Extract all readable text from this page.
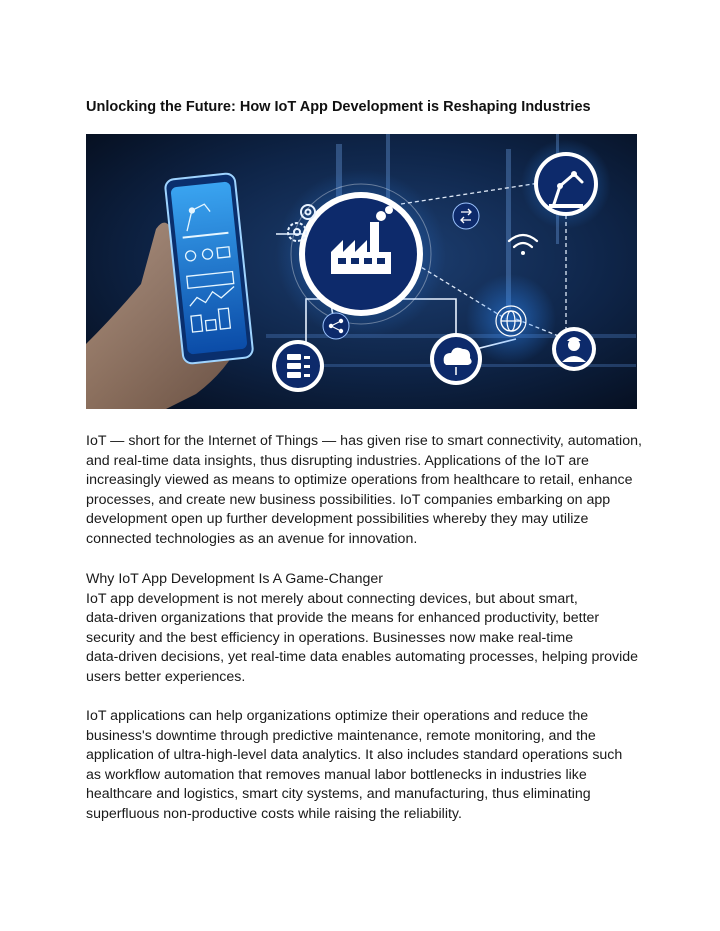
Unlocking the Future: How IoT App Development is Reshaping Industries
IoT — short for the Internet of Things — has given rise to smart connectivity, automation,
and real-time data insights, thus disrupting industries. Applications of the IoT are
increasingly viewed as means to optimize operations from healthcare to retail, enhance
processes, and create new business possibilities. IoT companies embarking on app
development open up further development possibilities whereby they may utilize
connected technologies as an avenue for innovation.
Why IoT App Development Is A Game-Changer
IoT app development is not merely about connecting devices, but about smart,
data-driven organizations that provide the means for enhanced productivity, better
security and the best efficiency in operations. Businesses now make real-time
data-driven decisions, yet real-time data enables automating processes, helping provide
users better experiences.
IoT applications can help organizations optimize their operations and reduce the
business's downtime through predictive maintenance, remote monitoring, and the
application of ultra-high-level data analytics. It also includes standard operations such
as workflow automation that removes manual labor bottlenecks in industries like
healthcare and logistics, smart city systems, and manufacturing, thus eliminating
superfluous non-productive costs while raising the reliability.
